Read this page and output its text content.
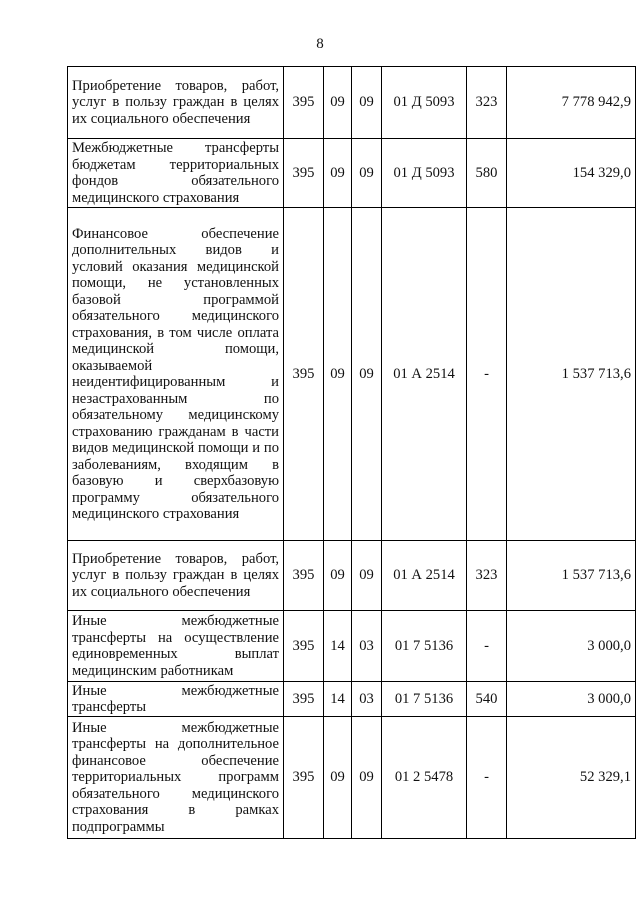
8
Приобретение товаров, работ, услуг в пользу граждан в целях их социального обеспечения	395	09	09	01 Д 5093	323	7 778 942,9
Межбюджетные трансферты бюджетам территориальных фондов обязательного медицинского страхования	395	09	09	01 Д 5093	580	154 329,0
Финансовое обеспечение дополнительных видов и условий оказания медицинской помощи, не установленных базовой программой обязательного медицинского страхования, в том числе оплата медицинской помощи, оказываемой неидентифицированным и незастрахованным по обязательному медицинскому страхованию гражданам в части видов медицинской помощи и по заболеваниям, входящим в базовую и сверхбазовую программу обязательного медицинского страхования	395	09	09	01 А 2514	-	1 537 713,6
Приобретение товаров, работ, услуг в пользу граждан в целях их социального обеспечения	395	09	09	01 А 2514	323	1 537 713,6
Иные межбюджетные трансферты на осуществление единовременных выплат медицинским работникам	395	14	03	01 7 5136	-	3 000,0
Иные межбюджетные трансферты	395	14	03	01 7 5136	540	3 000,0
Иные межбюджетные трансферты на дополнительное финансовое обеспечение территориальных программ обязательного медицинского страхования в рамках подпрограммы	395	09	09	01 2 5478	-	52 329,1
